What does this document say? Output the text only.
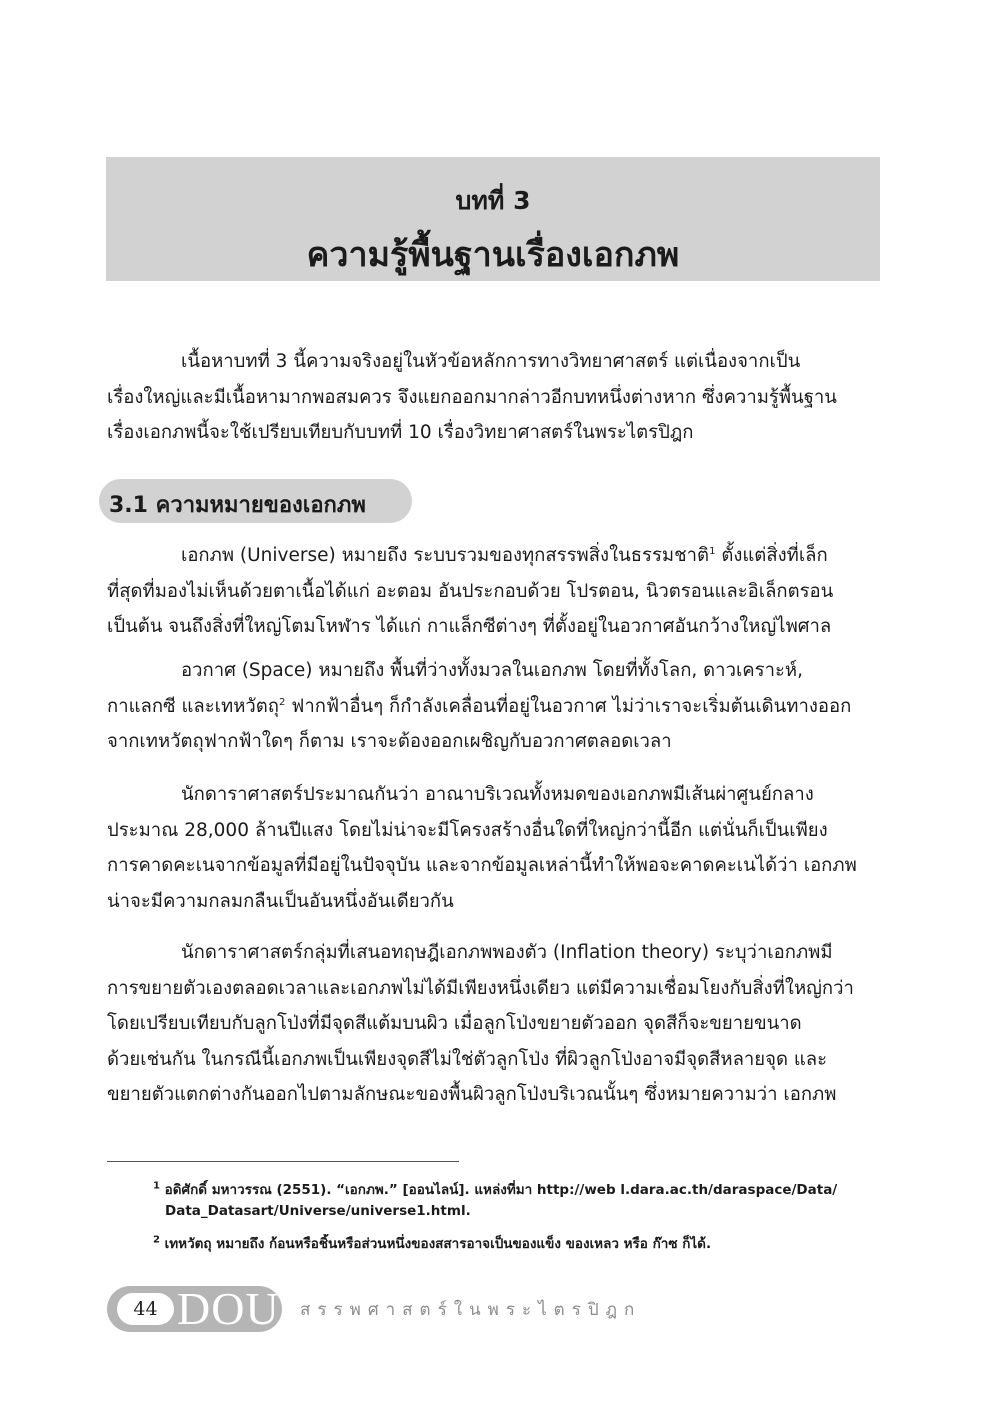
บทที่ 3
ความรู้พื้นฐานเรื่องเอกภพ

เนื้อหาบทที่ 3 นี้ความจริงอยู่ในหัวข้อหลักการทางวิทยาศาสตร์ แต่เนื่องจากเป็น
เรื่องใหญ่และมีเนื้อหามากพอสมควร จึงแยกออกมากล่าวอีกบทหนึ่งต่างหาก ซึ่งความรู้พื้นฐาน
เรื่องเอกภพนี้จะใช้เปรียบเทียบกับบทที่ 10 เรื่องวิทยาศาสตร์ในพระไตรปิฎก

3.1 ความหมายของเอกภพ

เอกภพ (Universe) หมายถึง ระบบรวมของทุกสรรพสิ่งในธรรมชาติ$^1$ ตั้งแต่สิ่งที่เล็ก
ที่สุดที่มองไม่เห็นด้วยตาเนื้อได้แก่ อะตอม อันประกอบด้วย โปรตอน, นิวตรอนและอิเล็กตรอน
เป็นต้น จนถึงสิ่งที่ใหญ่โตมโหฬาร ได้แก่ กาแล็กซีต่างๆ ที่ตั้งอยู่ในอวกาศอันกว้างใหญ่ไพศาล

อวกาศ (Space) หมายถึง พื้นที่ว่างทั้งมวลในเอกภพ โดยที่ทั้งโลก, ดาวเคราะห์,
กาแลกซี และเทหวัตถุ$^2$ ฟากฟ้าอื่นๆ ก็กำลังเคลื่อนที่อยู่ในอวกาศ ไม่ว่าเราจะเริ่มต้นเดินทางออก
จากเทหวัตถุฟากฟ้าใดๆ ก็ตาม เราจะต้องออกเผชิญกับอวกาศตลอดเวลา

นักดาราศาสตร์ประมาณกันว่า อาณาบริเวณทั้งหมดของเอกภพมีเส้นผ่าศูนย์กลาง
ประมาณ 28,000 ล้านปีแสง โดยไม่น่าจะมีโครงสร้างอื่นใดที่ใหญ่กว่านี้อีก แต่นั่นก็เป็นเพียง
การคาดคะเนจากข้อมูลที่มีอยู่ในปัจจุบัน และจากข้อมูลเหล่านี้ทำให้พอจะคาดคะเนได้ว่า เอกภพ
น่าจะมีความกลมกลืนเป็นอันหนึ่งอันเดียวกัน

นักดาราศาสตร์กลุ่มที่เสนอทฤษฎีเอกภพพองตัว (Inflation theory) ระบุว่าเอกภพมี
การขยายตัวเองตลอดเวลาและเอกภพไม่ได้มีเพียงหนึ่งเดียว แต่มีความเชื่อมโยงกับสิ่งที่ใหญ่กว่า
โดยเปรียบเทียบกับลูกโป่งที่มีจุดสีแต้มบนผิว เมื่อลูกโป่งขยายตัวออก จุดสีก็จะขยายขนาด
ด้วยเช่นกัน ในกรณีนี้เอกภพเป็นเพียงจุดสีไม่ใช่ตัวลูกโป่ง ที่ผิวลูกโป่งอาจมีจุดสีหลายจุด และ
ขยายตัวแตกต่างกันออกไปตามลักษณะของพื้นผิวลูกโป่งบริเวณนั้นๆ ซึ่งหมายความว่า เอกภพ

$^1$ อดิศักดิ์ มหาวรรณ (2551). “เอกภพ.” [ออนไลน์]. แหล่งที่มา http://web l.dara.ac.th/daraspace/Data/
Data_Datasart/Universe/universe1.html.
$^2$ เทหวัตถุ หมายถึง ก้อนหรือชิ้นหรือส่วนหนึ่งของสสารอาจเป็นของแข็ง ของเหลว หรือ ก๊าซ ก็ได้.
44 DOU สรรพศาสตร์ในพระไตรปิฎก
